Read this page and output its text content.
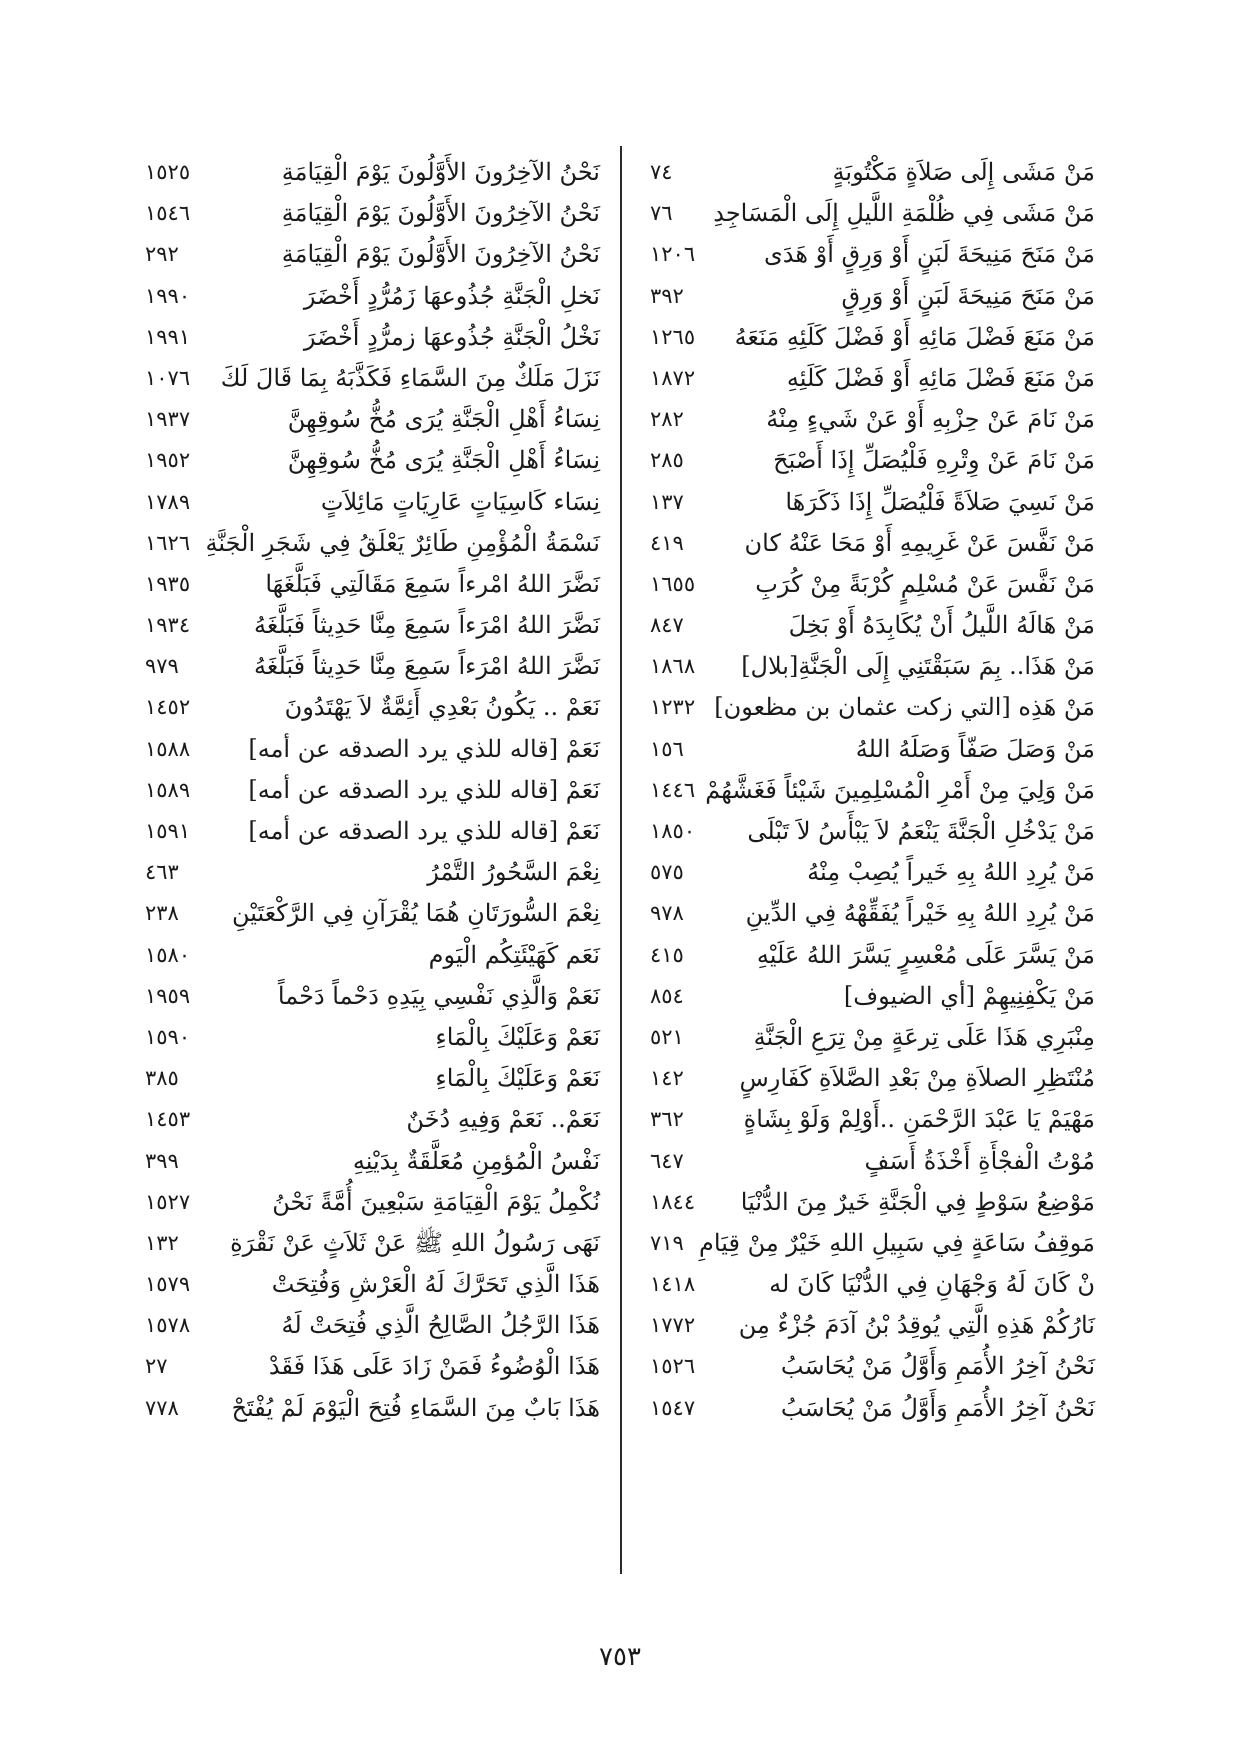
مَنْ مَشَى إِلَى صَلاَةٍ مَكْتُوبَةٍ
٧٤
مَنْ مَشَى فِي ظُلْمَةِ اللَّيلِ إِلَى الْمَسَاجِدِ
٧٦
مَنْ مَنَحَ مَنِيحَةَ لَبَنٍ أَوْ وَرِقٍ أَوْ هَدَى
١٢٠٦
مَنْ مَنَحَ مَنِيحَةَ لَبَنٍ أَوْ وَرِقٍ
٣٩٢
مَنْ مَنَعَ فَضْلَ مَائِهِ أَوْ فَضْلَ كَلَئِهِ مَنَعَهُ
١٢٦٥
مَنْ مَنَعَ فَضْلَ مَائِهِ أَوْ فَضْلَ كَلَئِهِ
١٨٧٢
مَنْ نَامَ عَنْ حِزْبِهِ أَوْ عَنْ شَيءٍ مِنْهُ
٢٨٢
مَنْ نَامَ عَنْ وِتْرِهِ فَلْيُصَلِّ إِذَا أَصْبَحَ
٢٨٥
مَنْ نَسِيَ صَلاَةً فَلْيُصَلِّ إِذَا ذَكَرَهَا
١٣٧
مَنْ نَفَّسَ عَنْ غَرِيمِهِ أَوْ مَحَا عَنْهُ كان
٤١٩
مَنْ نَفَّسَ عَنْ مُسْلِمٍ كُرْبَةً مِنْ كُرَبِ
١٦٥٥
مَنْ هَالَهُ اللَّيلُ أَنْ يُكَابِدَهُ أَوْ بَخِلَ
٨٤٧
مَنْ هَذَا.. بِمَ سَبَقْتَنِي إِلَى الْجَنَّةِ[بلال]
١٨٦٨
مَنْ هَذِه [التي زكت عثمان بن مظعون]
١٢٣٢
مَنْ وَصَلَ صَفّاً وَصَلَهُ اللهُ
١٥٦
مَنْ وَلِيَ مِنْ أَمْرِ الْمُسْلِمِينَ شَيْئاً فَغَشَّهُمْ
١٤٤٦
مَنْ يَدْخُلِ الْجَنَّةَ يَنْعَمُ لاَ يَبْأَسُ لاَ تَبْلَى
١٨٥٠
مَنْ يُرِدِ اللهُ بِهِ خَيراً يُصِبْ مِنْهُ
٥٧٥
مَنْ يُرِدِ اللهُ بِهِ خَيْراً يُفَقِّهْهُ فِي الدِّينِ
٩٧٨
مَنْ يَسَّرَ عَلَى مُعْسِرٍ يَسَّرَ اللهُ عَلَيْهِ
٤١٥
مَنْ يَكْفِنِيهِمْ [أي الضيوف]
٨٥٤
مِنْبَرِي هَذَا عَلَى تِرعَةٍ مِنْ تِرَعِ الْجَنَّةِ
٥٢١
مُنْتَظِرِ الصلاَةِ مِنْ بَعْدِ الصَّلاَةِ كَفَارِسٍ
١٤٢
مَهْيَمْ يَا عَبْدَ الرَّحْمَنِ ..أَوْلِمْ وَلَوْ بِشَاةٍ
٣٦٢
مُوْتُ الْفجْأَةِ أَخْذَةُ أَسَفٍ
٦٤٧
مَوْضِعُ سَوْطٍ فِي الْجَنَّةِ خَيرٌ مِنَ الدُّنْيَا
١٨٤٤
مَوقِفُ سَاعَةٍ فِي سَبِيلِ اللهِ خَيْرٌ مِنْ قِيَامِ
٧١٩
نْ كَانَ لَهُ وَجْهَانِ فِي الدُّنْيَا كَانَ له
١٤١٨
نَارُكُمْ هَذِهِ الَّتِي يُوقِدُ بْنُ آدَمَ جُزْءٌ مِن
١٧٧٢
نَحْنُ آخِرُ الأُمَمِ وَأَوَّلُ مَنْ يُحَاسَبُ
١٥٢٦
نَحْنُ آخِرُ الأُمَمِ وَأَوَّلُ مَنْ يُحَاسَبُ
١٥٤٧
نَحْنُ الآخِرُونَ الأَوَّلُونَ يَوْمَ الْقِيَامَةِ
١٥٢٥
نَحْنُ الآخِرُونَ الأَوَّلُونَ يَوْمَ الْقِيَامَةِ
١٥٤٦
نَحْنُ الآخِرُونَ الأَوَّلُونَ يَوْمَ الْقِيَامَةِ
٢٩٢
نَخلِ الْجَنَّةِ جُذُوعهَا زَمُرُّدٍ أَخْضَرَ
١٩٩٠
نَخْلُ الْجَنَّةِ جُذُوعهَا زمرُّدٍ أَخْضَرَ
١٩٩١
نَزَلَ مَلَكٌ مِنَ السَّمَاءِ فَكَذَّبَهُ بِمَا قَالَ لَكَ
١٠٧٦
نِسَاءُ أَهْلِ الْجَنَّةِ يُرَى مُخُّ سُوقِهِنَّ
١٩٣٧
نِسَاءُ أَهْلِ الْجَنَّةِ يُرَى مُخُّ سُوقِهِنَّ
١٩٥٢
نِسَاء كَاسِيَاتٍ عَارِيَاتٍ مَائِلاَتٍ
١٧٨٩
نَسْمَةُ الْمُؤْمِنِ طَائِرٌ يَعْلَقُ فِي شَجَرِ الْجَنَّةِ
١٦٢٦
نَضَّرَ اللهُ امْرءاً سَمِعَ مَقَالَتِي فَبَلَّغَهَا
١٩٣٥
نَضَّرَ اللهُ امْرَءاً سَمِعَ مِنَّا حَدِيثاً فَبَلَّغَهُ
١٩٣٤
نَضَّرَ اللهُ امْرَءاً سَمِعَ مِنَّا حَدِيثاً فَبَلَّغَهُ
٩٧٩
نَعَمْ .. يَكُونُ بَعْدِي أَئِمَّةٌ لاَ يَهْتَدُونَ
١٤٥٢
نَعَمْ [قاله للذي يرد الصدقه عن أمه]
١٥٨٨
نَعَمْ [قاله للذي يرد الصدقه عن أمه]
١٥٨٩
نَعَمْ [قاله للذي يرد الصدقه عن أمه]
١٥٩١
نِعْمَ السَّحُورُ التَّمْرُ
٤٦٣
نِعْمَ السُّورَتَانِ هُمَا يُقْرَآنِ فِي الرَّكْعَتَيْنِ
٢٣٨
نَعَم كَهَيْئَتِكُم الْيَوم
١٥٨٠
نَعَمْ وَالَّذِي نَفْسِي بِيَدِهِ دَحْماً دَحْماً
١٩٥٩
نَعَمْ وَعَلَيْكَ بِالْمَاءِ
١٥٩٠
نَعَمْ وَعَلَيْكَ بِالْمَاءِ
٣٨٥
نَعَمْ.. نَعَمْ وَفِيهِ دُخَنٌ
١٤٥٣
نَفْسُ الْمُؤمِنِ مُعَلَّقَةٌ بِدَيْنِهِ
٣٩٩
نُكْمِلُ يَوْمَ الْقِيَامَةِ سَبْعِينَ أُمَّةً نَحْنُ
١٥٢٧
نَهَى رَسُولُ اللهِ ﷺ عَنْ ثَلاَثٍ عَنْ نَقْرَةِ
١٣٢
هَذَا الَّذِي تَحَرَّكَ لَهُ الْعَرْشِ وَفُتِحَتْ
١٥٧٩
هَذَا الرَّجُلُ الصَّالِحُ الَّذِي فُتِحَتْ لَهُ
١٥٧٨
هَذَا الْوُضُوءُ فَمَنْ زَادَ عَلَى هَذَا فَقَدْ
٢٧
هَذَا بَابٌ مِنَ السَّمَاءِ فُتِحَ الْيَوْمَ لَمْ يُفْتَحْ
٧٧٨
٧٥٣
